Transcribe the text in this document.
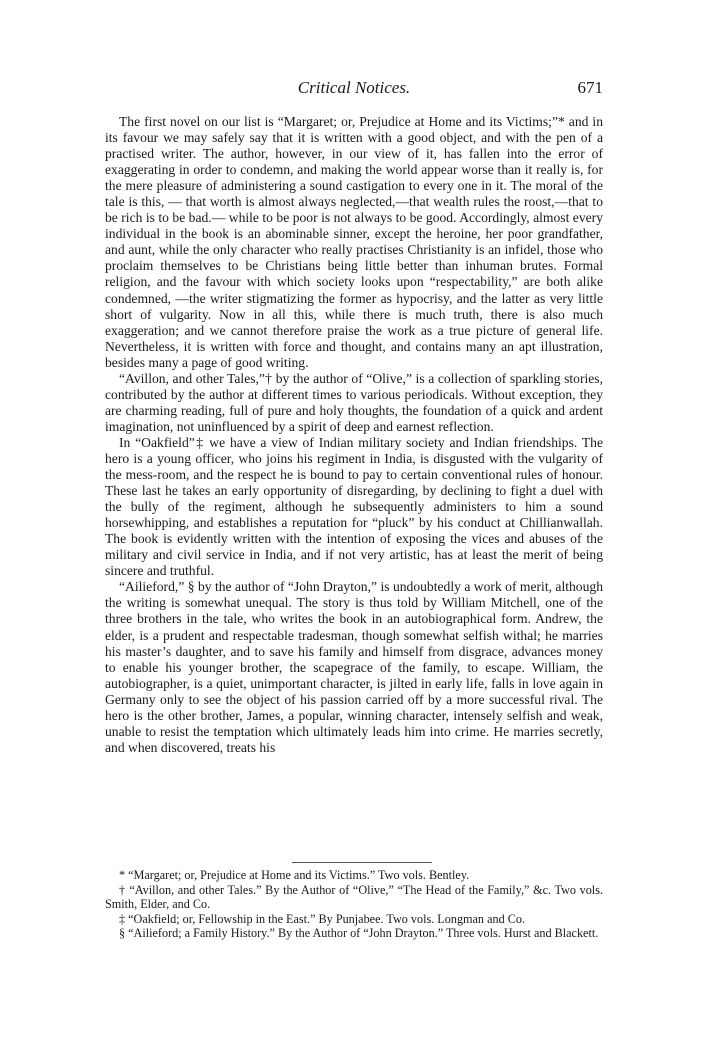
Critical Notices.	671

The first novel on our list is “Margaret; or, Prejudice at Home and its Victims;”* and in its favour we may safely say that it is written with a good object, and with the pen of a practised writer. The author, however, in our view of it, has fallen into the error of exaggerating in order to condemn, and making the world appear worse than it really is, for the mere pleasure of administering a sound castigation to every one in it. The moral of the tale is this, — that worth is almost always neglected,—that wealth rules the roost,—that to be rich is to be bad.— while to be poor is not always to be good. Accordingly, almost every individual in the book is an abominable sinner, except the heroine, her poor grandfather, and aunt, while the only character who really practises Christianity is an infidel, those who proclaim themselves to be Christians being little better than inhuman brutes. Formal religion, and the favour with which society looks upon “respectability,” are both alike condemned, —the writer stigmatizing the former as hypocrisy, and the latter as very little short of vulgarity. Now in all this, while there is much truth, there is also much exaggeration; and we cannot therefore praise the work as a true picture of general life. Nevertheless, it is written with force and thought, and contains many an apt illustration, besides many a page of good writing.

“Avillon, and other Tales,”† by the author of “Olive,” is a collection of sparkling stories, contributed by the author at different times to various periodicals. Without exception, they are charming reading, full of pure and holy thoughts, the foundation of a quick and ardent imagination, not uninfluenced by a spirit of deep and earnest reflection.

In “Oakfield”‡ we have a view of Indian military society and Indian friendships. The hero is a young officer, who joins his regiment in India, is disgusted with the vulgarity of the mess-room, and the respect he is bound to pay to certain conventional rules of honour. These last he takes an early opportunity of disregarding, by declining to fight a duel with the bully of the regiment, although he subsequently administers to him a sound horsewhipping, and establishes a reputation for “pluck” by his conduct at Chillianwallah. The book is evidently written with the intention of exposing the vices and abuses of the military and civil service in India, and if not very artistic, has at least the merit of being sincere and truthful.

“Ailieford,” § by the author of “John Drayton,” is undoubtedly a work of merit, although the writing is somewhat unequal. The story is thus told by William Mitchell, one of the three brothers in the tale, who writes the book in an autobiographical form. Andrew, the elder, is a prudent and respectable tradesman, though somewhat selfish withal; he marries his master’s daughter, and to save his family and himself from disgrace, advances money to enable his younger brother, the scapegrace of the family, to escape. William, the autobiographer, is a quiet, unimportant character, is jilted in early life, falls in love again in Germany only to see the object of his passion carried off by a more successful rival. The hero is the other brother, James, a popular, winning character, intensely selfish and weak, unable to resist the temptation which ultimately leads him into crime. He marries secretly, and when discovered, treats his

* “Margaret; or, Prejudice at Home and its Victims.” Two vols. Bentley.

† “Avillon, and other Tales.” By the Author of “Olive,” “The Head of the Family,” &c. Two vols. Smith, Elder, and Co.

‡ “Oakfield; or, Fellowship in the East.” By Punjabee. Two vols. Longman and Co.

§ “Ailieford; a Family History.” By the Author of “John Drayton.” Three vols. Hurst and Blackett.
